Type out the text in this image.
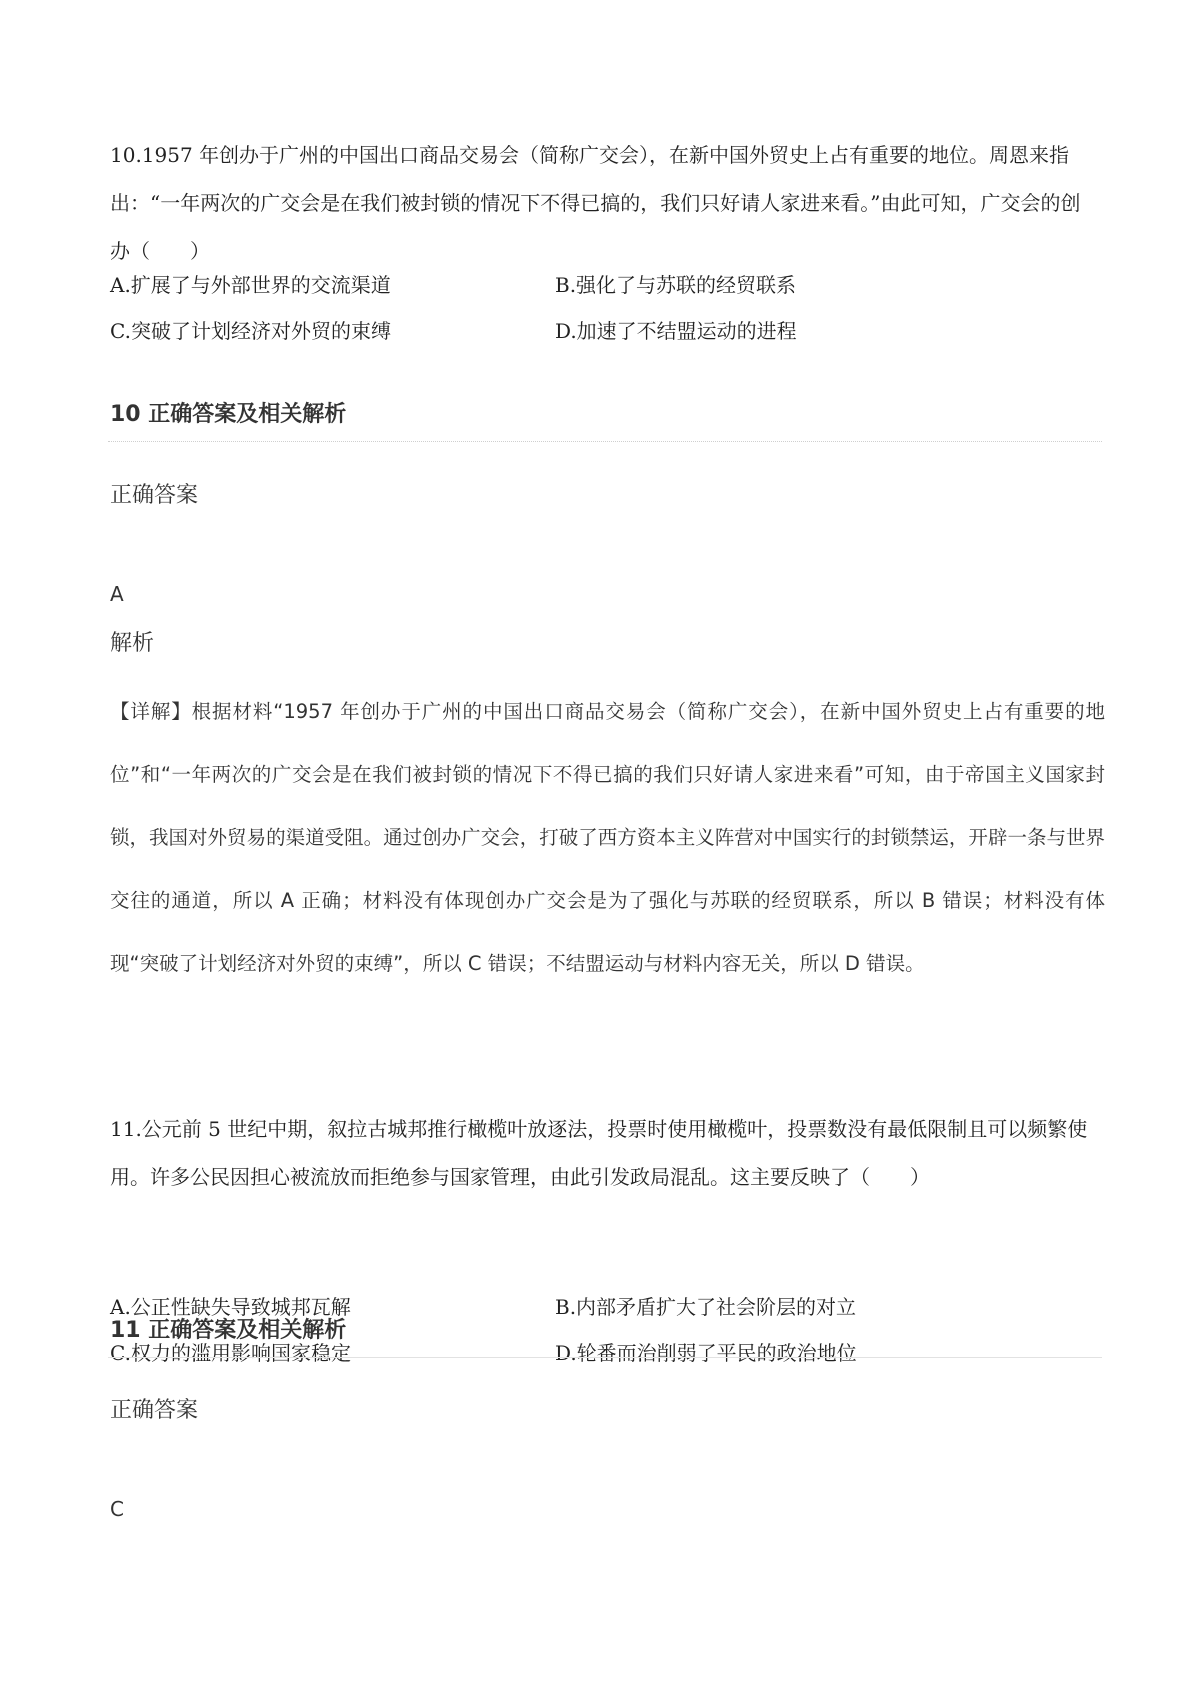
10.1957 年创办于广州的中国出口商品交易会（简称广交会），在新中国外贸史上占有重要的地位。周恩来指出：“一年两次的广交会是在我们被封锁的情况下不得已搞的，我们只好请人家进来看。”由此可知，广交会的创办（　　）
A.扩展了与外部世界的交流渠道	B.强化了与苏联的经贸联系
C.突破了计划经济对外贸的束缚	D.加速了不结盟运动的进程
10 正确答案及相关解析
正确答案
A
解析
【详解】根据材料“1957 年创办于广州的中国出口商品交易会（简称广交会），在新中国外贸史上占有重要的地位”和“一年两次的广交会是在我们被封锁的情况下不得已搞的我们只好请人家进来看”可知，由于帝国主义国家封锁，我国对外贸易的渠道受阻。通过创办广交会，打破了西方资本主义阵营对中国实行的封锁禁运，开辟一条与世界交往的通道，所以 A 正确；材料没有体现创办广交会是为了强化与苏联的经贸联系，所以 B 错误；材料没有体现“突破了计划经济对外贸的束缚”，所以 C 错误；不结盟运动与材料内容无关，所以 D 错误。
11.公元前 5 世纪中期，叙拉古城邦推行橄榄叶放逐法，投票时使用橄榄叶，投票数没有最低限制且可以频繁使用。许多公民因担心被流放而拒绝参与国家管理，由此引发政局混乱。这主要反映了（　　）
A.公正性缺失导致城邦瓦解	B.内部矛盾扩大了社会阶层的对立
C.权力的滥用影响国家稳定	D.轮番而治削弱了平民的政治地位
11 正确答案及相关解析
正确答案
C
